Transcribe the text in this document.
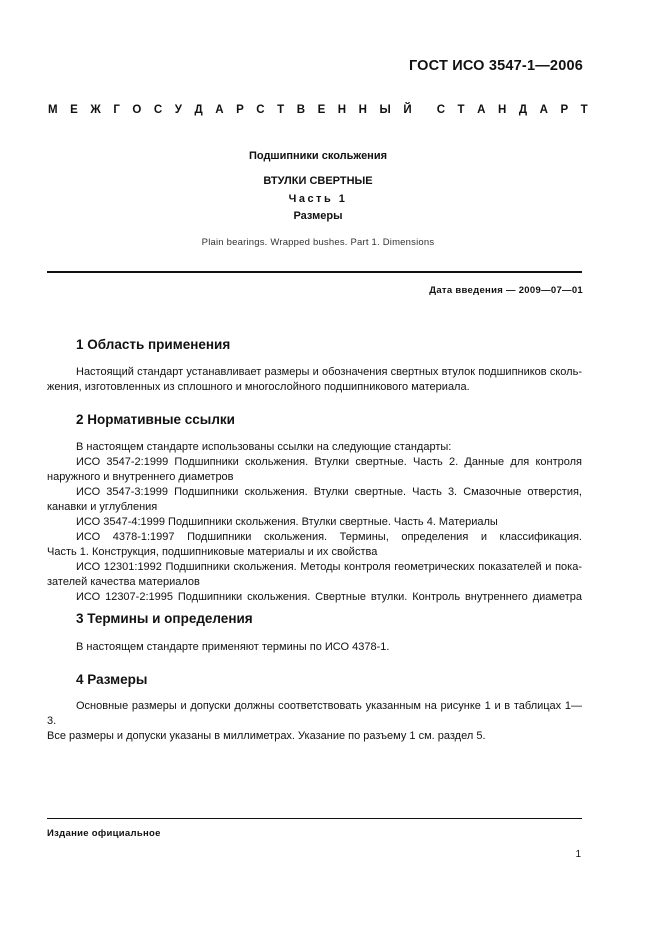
ГОСТ ИСО 3547-1—2006
М Е Ж Г О С У Д А Р С Т В Е Н Н Ы Й С Т А Н Д А Р Т
Подшипники скольжения
ВТУЛКИ СВЕРТНЫЕ
Часть 1
Размеры
Plain bearings. Wrapped bushes. Part 1. Dimensions
Дата введения — 2009—07—01
1 Область применения
Настоящий стандарт устанавливает размеры и обозначения свертных втулок подшипников сколь-
жения, изготовленных из сплошного и многослойного подшипникового материала.
2 Нормативные ссылки
В настоящем стандарте использованы ссылки на следующие стандарты:
ИСО 3547-2:1999 Подшипники скольжения. Втулки свертные. Часть 2. Данные для контроля
наружного и внутреннего диаметров
ИСО 3547-3:1999 Подшипники скольжения. Втулки свертные. Часть 3. Смазочные отверстия,
канавки и углубления
ИСО 3547-4:1999 Подшипники скольжения. Втулки свертные. Часть 4. Материалы
ИСО 4378-1:1997 Подшипники скольжения. Термины, определения и классификация.
Часть 1. Конструкция, подшипниковые материалы и их свойства
ИСО 12301:1992 Подшипники скольжения. Методы контроля геометрических показателей и пока-
зателей качества материалов
ИСО 12307-2:1995 Подшипники скольжения. Свертные втулки. Контроль внутреннего диаметра
3 Термины и определения
В настоящем стандарте применяют термины по ИСО 4378-1.
4 Размеры
Основные размеры и допуски должны соответствовать указанным на рисунке 1 и в таблицах 1—3.
Все размеры и допуски указаны в миллиметрах. Указание по разъему 1 см. раздел 5.
Издание официальное
1
